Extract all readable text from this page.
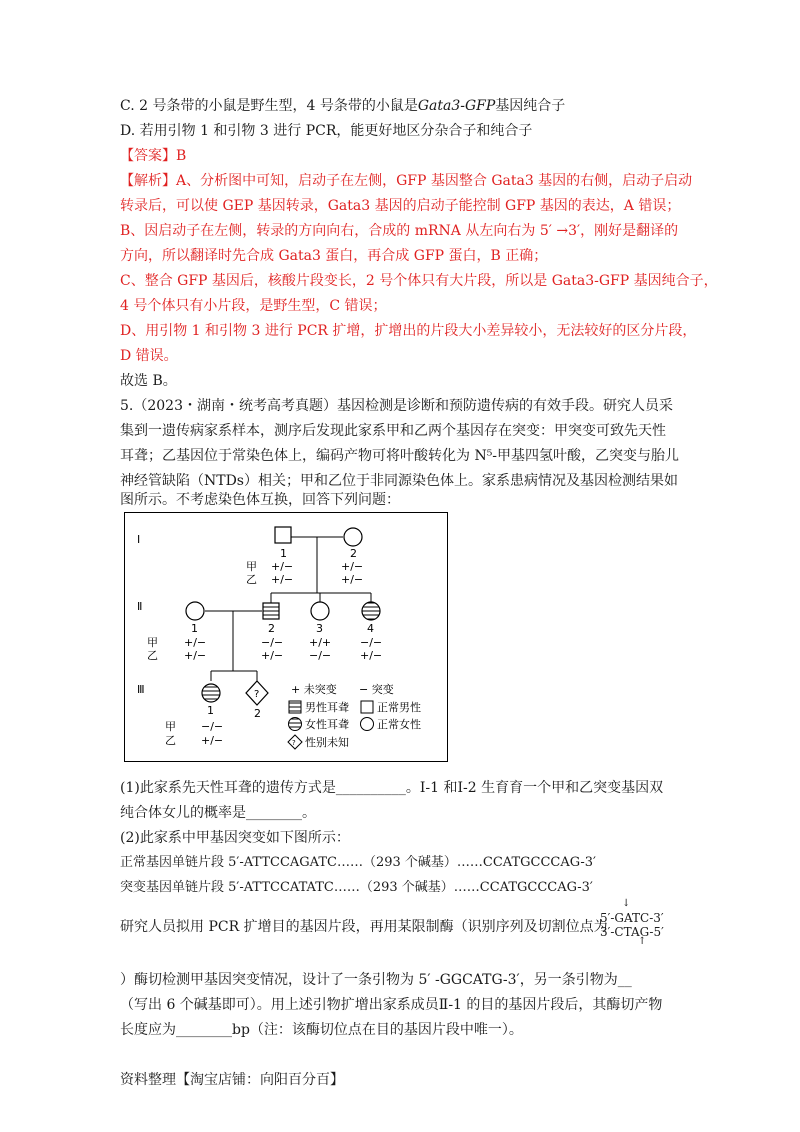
C. 2 号条带的小鼠是野生型，4 号条带的小鼠是Gata3-GFP基因纯合子
D. 若用引物 1 和引物 3 进行 PCR，能更好地区分杂合子和纯合子
【答案】B
【解析】A、分析图中可知，启动子在左侧，GFP 基因整合 Gata3 基因的右侧，启动子启动
转录后，可以使 GEP 基因转录，Gata3 基因的启动子能控制 GFP 基因的表达，A 错误；
B、因启动子在左侧，转录的方向向右，合成的 mRNA 从左向右为 5′ →3′，刚好是翻译的
方向，所以翻译时先合成 Gata3 蛋白，再合成 GFP 蛋白，B 正确；
C、整合 GFP 基因后，核酸片段变长，2 号个体只有大片段，所以是 Gata3-GFP 基因纯合子，
4 号个体只有小片段，是野生型，C 错误；
D、用引物 1 和引物 3 进行 PCR 扩增，扩增出的片段大小差异较小，无法较好的区分片段，
D 错误。
故选 B。
5.（2023・湖南・统考高考真题）基因检测是诊断和预防遗传病的有效手段。研究人员采
集到一遗传病家系样本，测序后发现此家系甲和乙两个基因存在突变：甲突变可致先天性
耳聋；乙基因位于常染色体上，编码产物可将叶酸转化为 N⁵-甲基四氢叶酸，乙突变与胎儿
神经管缺陷（NTDs）相关；甲和乙位于非同源染色体上。家系患病情况及基因检测结果如
图所示。不考虑染色体互换，回答下列问题：
Ⅰ
Ⅱ
Ⅲ
1
+/−
+/−
甲
乙
2
+/−
+/−
1
+/−
+/−
甲
乙
2
−/−
+/−
3
+/+
−/−
4
−/−
+/−
1
−/−
+/−
甲
乙
?
2
+ 未突变 − 突变
男性耳聋	正常男性
女性耳聋	正常女性
? 性别未知
(1)此家系先天性耳聋的遗传方式是__________。Ⅰ-1 和Ⅰ-2 生育育一个甲和乙突变基因双
纯合体女儿的概率是________。
(2)此家系中甲基因突变如下图所示：
正常基因单链片段 5′-ATTCCAGATC……（293 个碱基）……CCATGCCCAG-3′
突变基因单链片段 5′-ATTCCATATC……（293 个碱基）……CCATGCCCAG-3′
研究人员拟用 PCR 扩增目的基因片段，再用某限制酶（识别序列及切割位点为
↓
5′-GATC-3′
3′-CTAG-5′
↑
）酶切检测甲基因突变情况，设计了一条引物为 5′ -GGCATG-3′，另一条引物为__
（写出 6 个碱基即可）。用上述引物扩增出家系成员Ⅱ-1 的目的基因片段后，其酶切产物
长度应为________bp（注：该酶切位点在目的基因片段中唯一）。
资料整理【淘宝店铺：向阳百分百】
